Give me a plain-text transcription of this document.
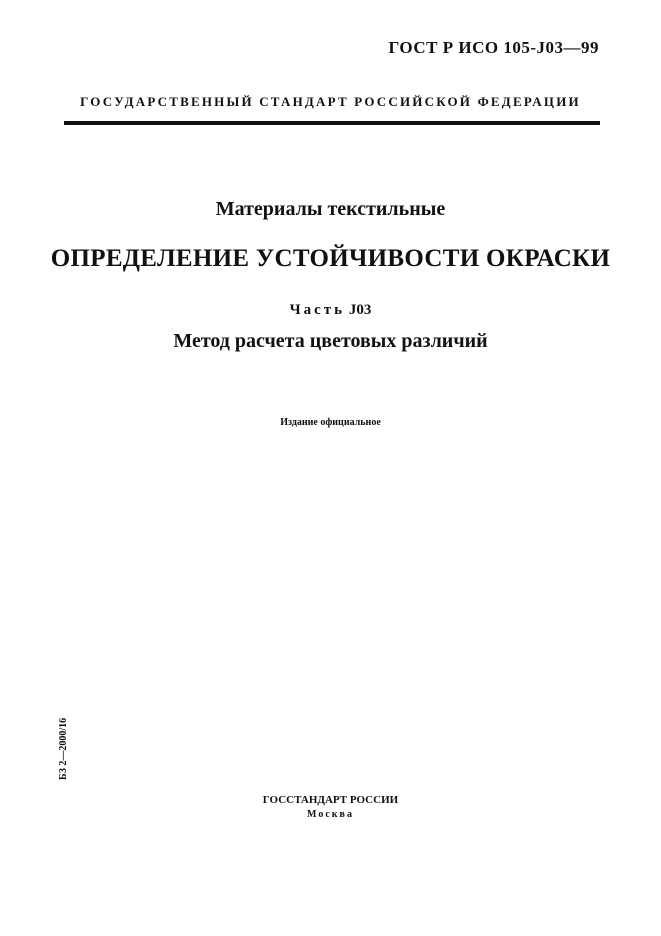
ГОСТ Р ИСО 105-J03—99
ГОСУДАРСТВЕННЫЙ СТАНДАРТ РОССИЙСКОЙ ФЕДЕРАЦИИ
Материалы текстильные
ОПРЕДЕЛЕНИЕ УСТОЙЧИВОСТИ ОКРАСКИ
Часть J03
Метод расчета цветовых различий
Издание официальное
БЗ 2—2000/16
ГОССТАНДАРТ РОССИИ
Москва
